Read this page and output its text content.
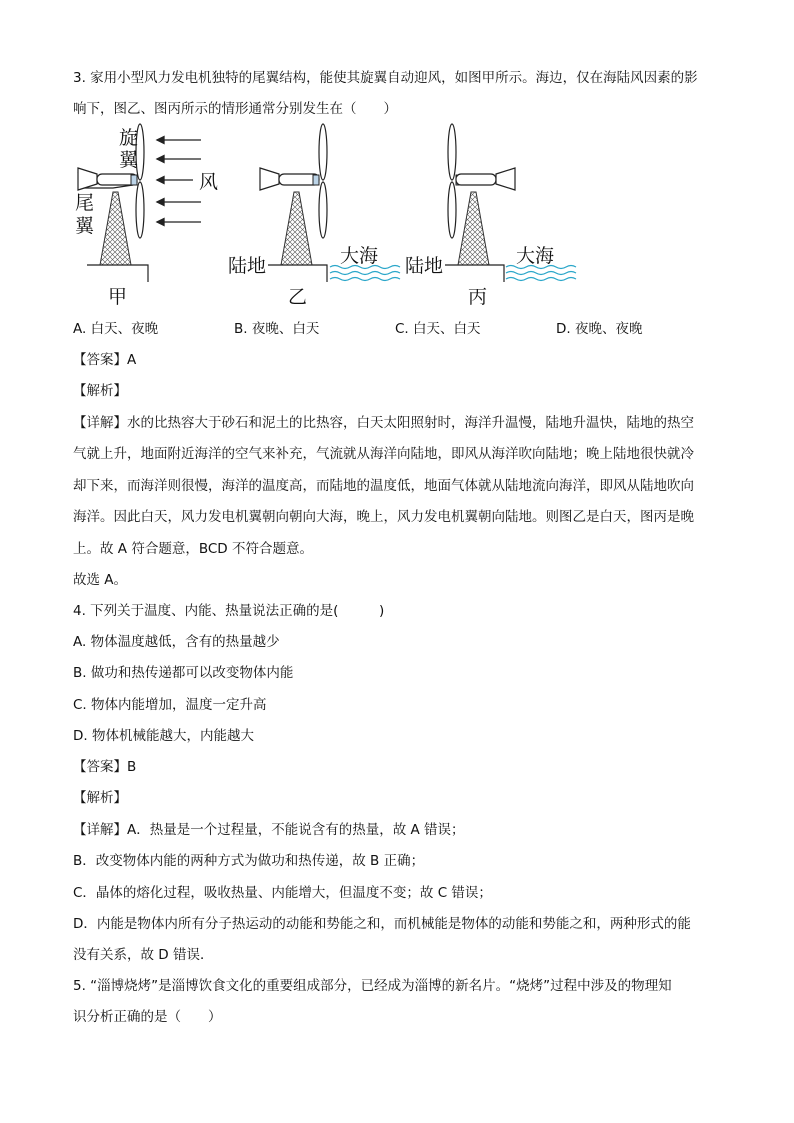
3. 家用小型风力发电机独特的尾翼结构，能使其旋翼自动迎风，如图甲所示。海边，仅在海陆风因素的影
响下，图乙、图丙所示的情形通常分别发生在（　　）
旋
翼
尾
翼
风
甲
陆地	大海
乙
陆地	大海
丙
A. 白天、夜晚	B. 夜晚、白天	C. 白天、白天	D. 夜晚、夜晚
【答案】A
【解析】
【详解】水的比热容大于砂石和泥土的比热容，白天太阳照射时，海洋升温慢，陆地升温快，陆地的热空
气就上升，地面附近海洋的空气来补充，气流就从海洋向陆地，即风从海洋吹向陆地；晚上陆地很快就冷
却下来，而海洋则很慢，海洋的温度高，而陆地的温度低，地面气体就从陆地流向海洋，即风从陆地吹向
海洋。因此白天，风力发电机翼朝向朝向大海，晚上，风力发电机翼朝向陆地。则图乙是白天，图丙是晚
上。故 A 符合题意，BCD 不符合题意。
故选 A。
4. 下列关于温度、内能、热量说法正确的是(　　　)
A. 物体温度越低，含有的热量越少
B. 做功和热传递都可以改变物体内能
C. 物体内能增加，温度一定升高
D. 物体机械能越大，内能越大
【答案】B
【解析】
【详解】A．热量是一个过程量，不能说含有的热量，故 A 错误；
B．改变物体内能的两种方式为做功和热传递，故 B 正确；
C．晶体的熔化过程，吸收热量、内能增大，但温度不变；故 C 错误；
D．内能是物体内所有分子热运动的动能和势能之和，而机械能是物体的动能和势能之和，两种形式的能
没有关系，故 D 错误．
5. “淄博烧烤”是淄博饮食文化的重要组成部分，已经成为淄博的新名片。“烧烤”过程中涉及的物理知
识分析正确的是（　　）
